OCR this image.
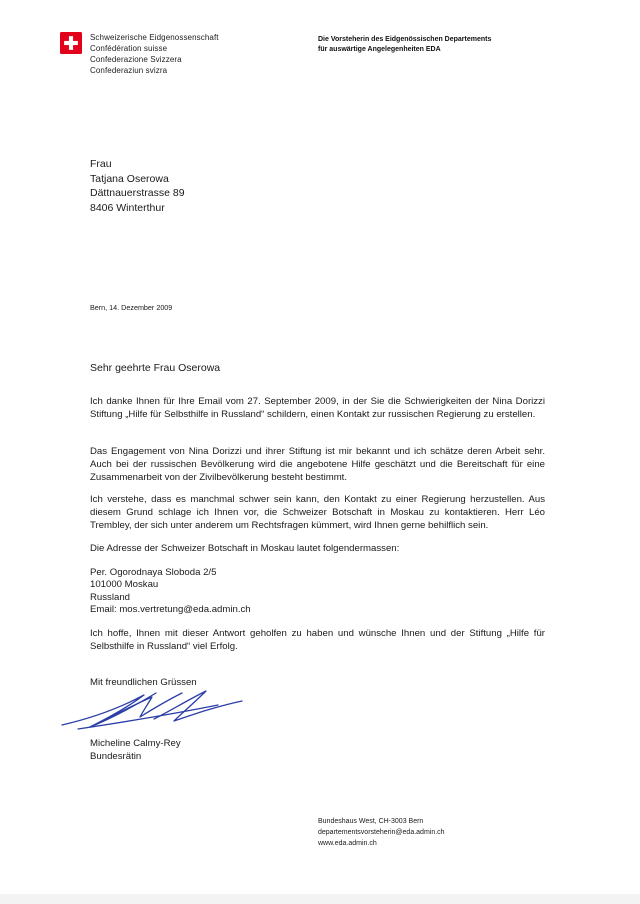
Schweizerische Eidgenossenschaft
Confédération suisse
Confederazione Svizzera
Confederaziun svizra
Die Vorsteherin des Eidgenössischen Departements
für auswärtige Angelegenheiten EDA
Frau
Tatjana Oserowa
Dättnauerstrasse 89
8406 Winterthur
Bern, 14. Dezember 2009
Sehr geehrte Frau Oserowa
Ich danke Ihnen für Ihre Email vom 27. September 2009, in der Sie die Schwierigkeiten der Nina Dorizzi Stiftung „Hilfe für Selbsthilfe in Russland“ schildern, einen Kontakt zur russischen Regierung zu erstellen.
Das Engagement von Nina Dorizzi und ihrer Stiftung ist mir bekannt und ich schätze deren Arbeit sehr. Auch bei der russischen Bevölkerung wird die angebotene Hilfe geschätzt und die Bereitschaft für eine Zusammenarbeit von der Zivilbevölkerung besteht bestimmt.
Ich verstehe, dass es manchmal schwer sein kann, den Kontakt zu einer Regierung herzustellen. Aus diesem Grund schlage ich Ihnen vor, die Schweizer Botschaft in Moskau zu kontaktieren. Herr Léo Trembley, der sich unter anderem um Rechtsfragen kümmert, wird Ihnen gerne behilflich sein.
Die Adresse der Schweizer Botschaft in Moskau lautet folgendermassen:
Per. Ogorodnaya Sloboda 2/5
101000 Moskau
Russland
Email: mos.vertretung@eda.admin.ch
Ich hoffe, Ihnen mit dieser Antwort geholfen zu haben und wünsche Ihnen und der Stiftung „Hilfe für Selbsthilfe in Russland“ viel Erfolg.
Mit freundlichen Grüssen
Micheline Calmy-Rey
Bundesrätin
Bundeshaus West, CH-3003 Bern
departementsvorsteherin@eda.admin.ch
www.eda.admin.ch
